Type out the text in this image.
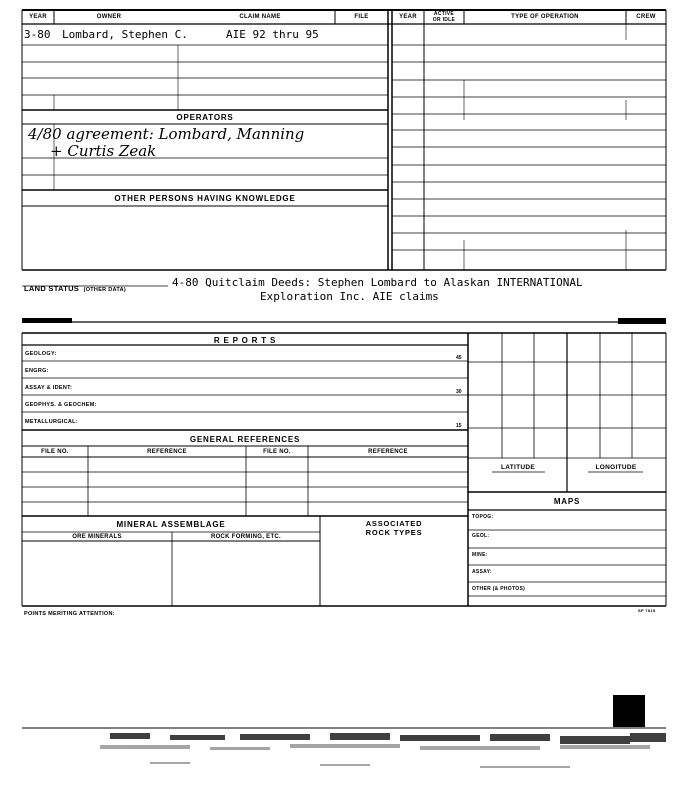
YEAR	OWNER	CLAIM NAME	FILE	YEAR	ACTIVE
OR IDLE	TYPE OF OPERATION	CREW
3-80 Lombard, Stephen C.	AIE 92 thru 95
OPERATORS
4/80 agreement: Lombard, Manning
+ Curtis Zeak
OTHER PERSONS HAVING KNOWLEDGE
LAND STATUS (OTHER DATA)
4-80 Quitclaim Deeds: Stephen Lombard to Alaskan INTERNATIONAL
Exploration Inc. AIE claims
R E P O R T S
GEOLOGY:
45
ENGRG:
ASSAY & IDENT:
30
GEOPHYS. & GEOCHEM:
METALLURGICAL:
15
GENERAL REFERENCES
FILE NO.	REFERENCE	FILE NO.	REFERENCE
MINERAL ASSEMBLAGE
ORE MINERALS	ROCK FORMING, ETC.
ASSOCIATED
ROCK TYPES
LATITUDE	LONGITUDE
MAPS
TOPOG:
GEOL:
MINE:
ASSAY:
OTHER (& PHOTOS)
POINTS MERITING ATTENTION:
SP 7815
